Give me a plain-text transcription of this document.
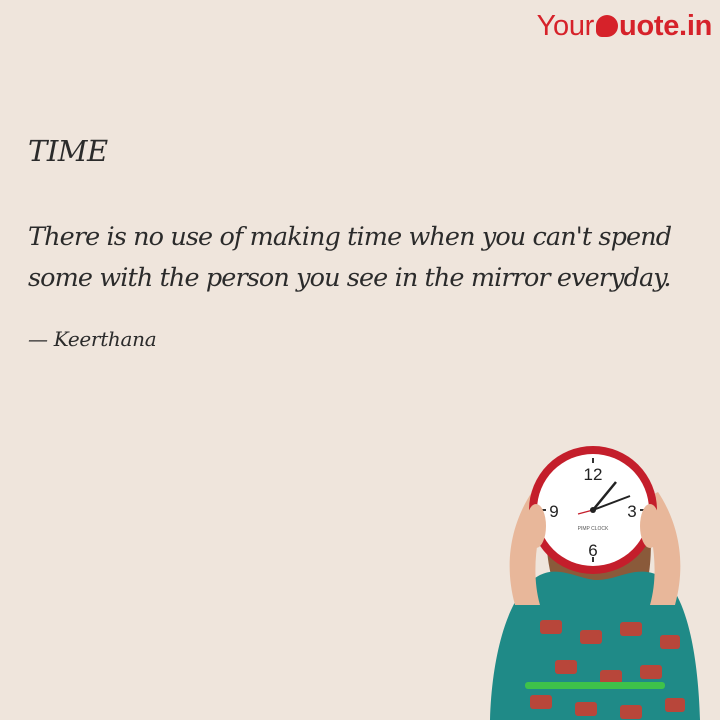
Your uote.in
TIME
There is no use of making time when you can't spend
some with the person you see in the mirror everyday.
— Keerthana
12
3
6
9
PIMP CLOCK
